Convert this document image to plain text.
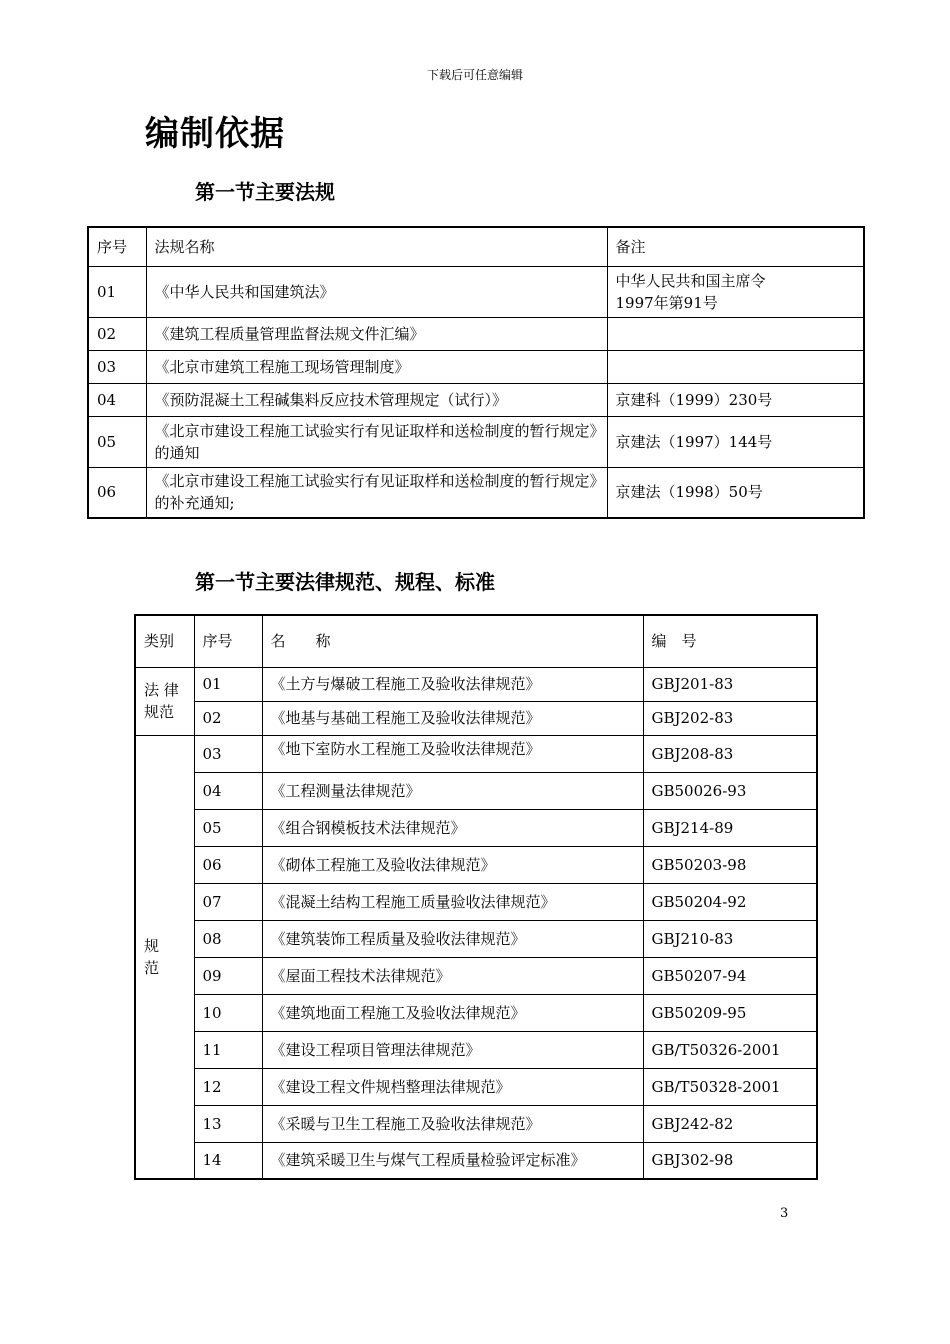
下载后可任意编辑
编制依据
第一节主要法规
序号	法规名称	备注
01	《中华人民共和国建筑法》	中华人民共和国主席令
1997年第91号
02	《建筑工程质量管理监督法规文件汇编》	
03	《北京市建筑工程施工现场管理制度》	
04	《预防混凝土工程碱集料反应技术管理规定（试行）》	京建科（1999）230号
05	《北京市建设工程施工试验实行有见证取样和送检制度的暂行规定》的通知	京建法（1997）144号
06	《北京市建设工程施工试验实行有见证取样和送检制度的暂行规定》的补充通知;	京建法（1998）50号
第一节主要法律规范、规程、标准
类别	序号	名　　称	编　号
法 律
规范	01	《土方与爆破工程施工及验收法律规范》	GBJ201-83
	02	《地基与基础工程施工及验收法律规范》	GBJ202-83
规
范	03	《地下室防水工程施工及验收法律规范》	GBJ208-83
	04	《工程测量法律规范》	GB50026-93
	05	《组合钢模板技术法律规范》	GBJ214-89
	06	《砌体工程施工及验收法律规范》	GB50203-98
	07	《混凝土结构工程施工质量验收法律规范》	GB50204-92
	08	《建筑装饰工程质量及验收法律规范》	GBJ210-83
	09	《屋面工程技术法律规范》	GB50207-94
	10	《建筑地面工程施工及验收法律规范》	GB50209-95
	11	《建设工程项目管理法律规范》	GB/T50326-2001
	12	《建设工程文件规档整理法律规范》	GB/T50328-2001
	13	《采暖与卫生工程施工及验收法律规范》	GBJ242-82
	14	《建筑采暖卫生与煤气工程质量检验评定标准》	GBJ302-98
3
